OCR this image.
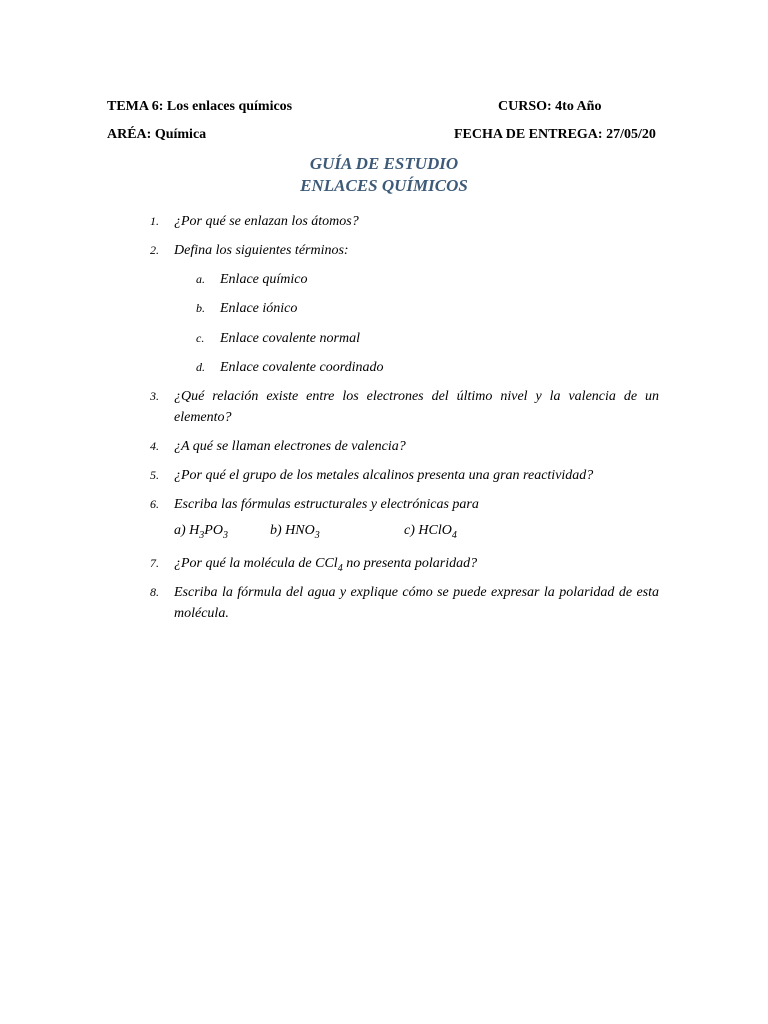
TEMA 6: Los enlaces químicos	CURSO: 4to Año
ARÉA: Química	FECHA DE ENTREGA: 27/05/20
GUÍA DE ESTUDIO
ENLACES QUÍMICOS
1.	¿Por qué se enlazan los átomos?
2.	Defina los siguientes términos:
a.	Enlace químico
b.	Enlace iónico
c.	Enlace covalente normal
d.	Enlace covalente coordinado
3.	¿Qué relación existe entre los electrones del último nivel y la valencia de un elemento?
4.	¿A qué se llaman electrones de valencia?
5.	¿Por qué el grupo de los metales alcalinos presenta una gran reactividad?
6.	Escriba las fórmulas estructurales y electrónicas para
a) $H_3PO_3$	b) $HNO_3$	c) HClO$_4$
7.	¿Por qué la molécula de CCl$_4$ no presenta polaridad?
8.	Escriba la fórmula del agua y explique cómo se puede expresar la polaridad de esta molécula.
